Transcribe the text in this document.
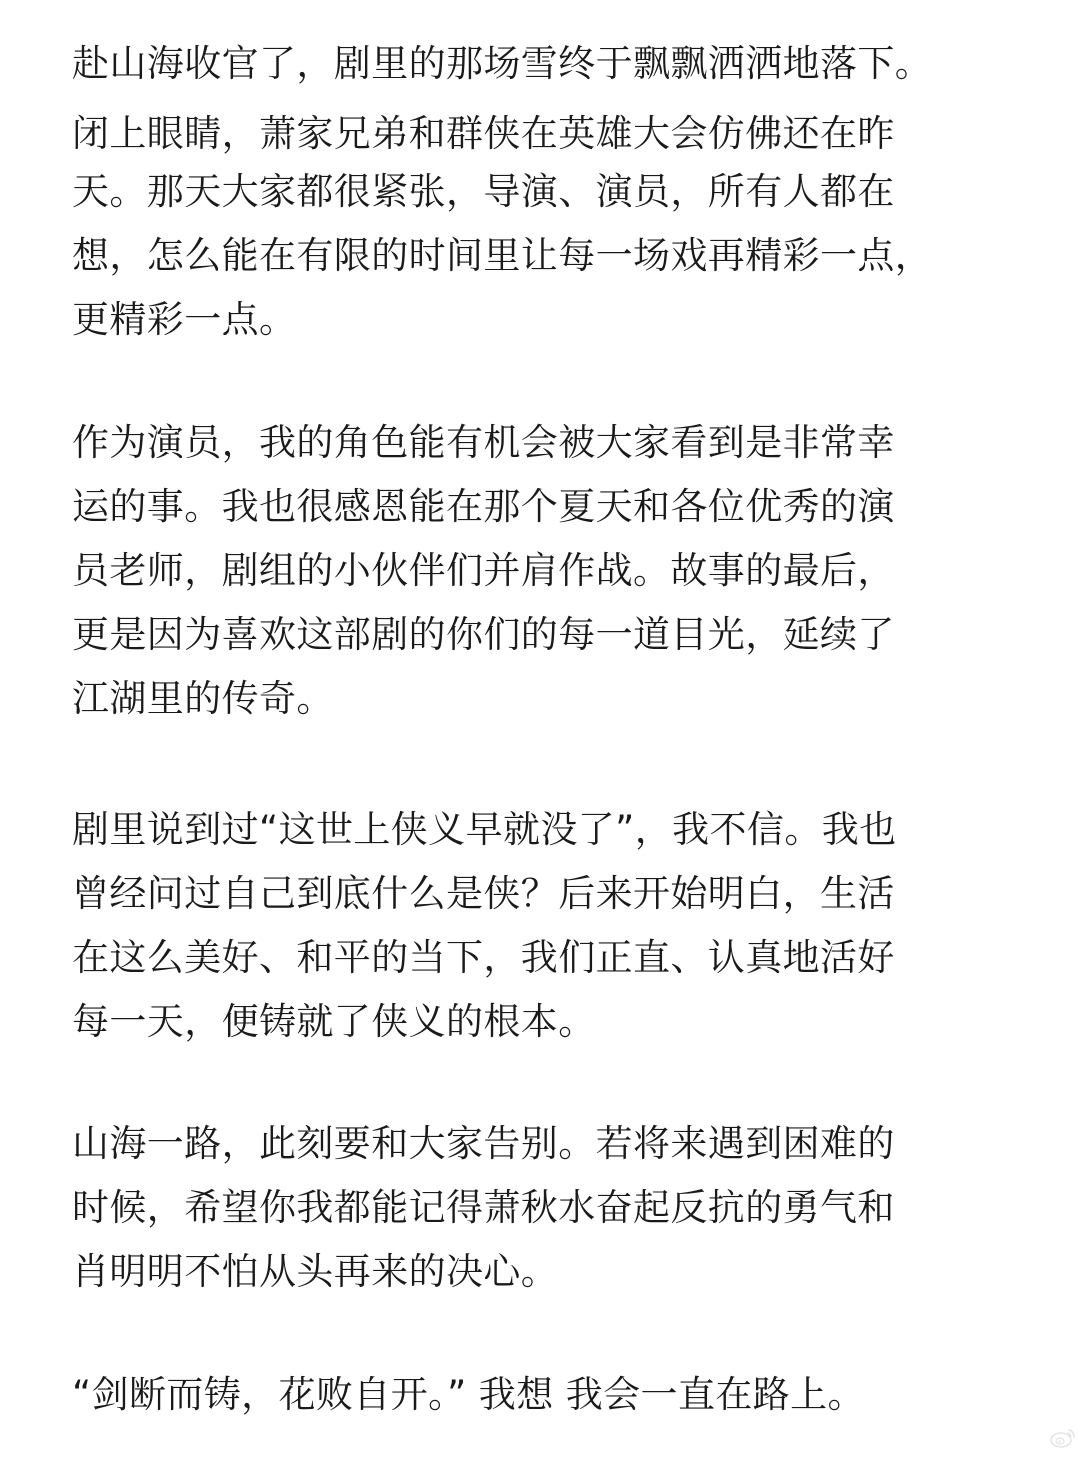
赴山海收官了，剧里的那场雪终于飘飘洒洒地落下。
闭上眼睛，萧家兄弟和群侠在英雄大会仿佛还在昨
天。那天大家都很紧张，导演、演员，所有人都在
想，怎么能在有限的时间里让每一场戏再精彩一点，
更精彩一点。
作为演员，我的角色能有机会被大家看到是非常幸
运的事。我也很感恩能在那个夏天和各位优秀的演
员老师，剧组的小伙伴们并肩作战。故事的最后，
更是因为喜欢这部剧的你们的每一道目光，延续了
江湖里的传奇。
剧里说到过“这世上侠义早就没了”，我不信。我也
曾经问过自己到底什么是侠？后来开始明白，生活
在这么美好、和平的当下，我们正直、认真地活好
每一天，便铸就了侠义的根本。
山海一路，此刻要和大家告别。若将来遇到困难的
时候，希望你我都能记得萧秋水奋起反抗的勇气和
肖明明不怕从头再来的决心。
“剑断而铸，花败自开。” 我想 我会一直在路上。
